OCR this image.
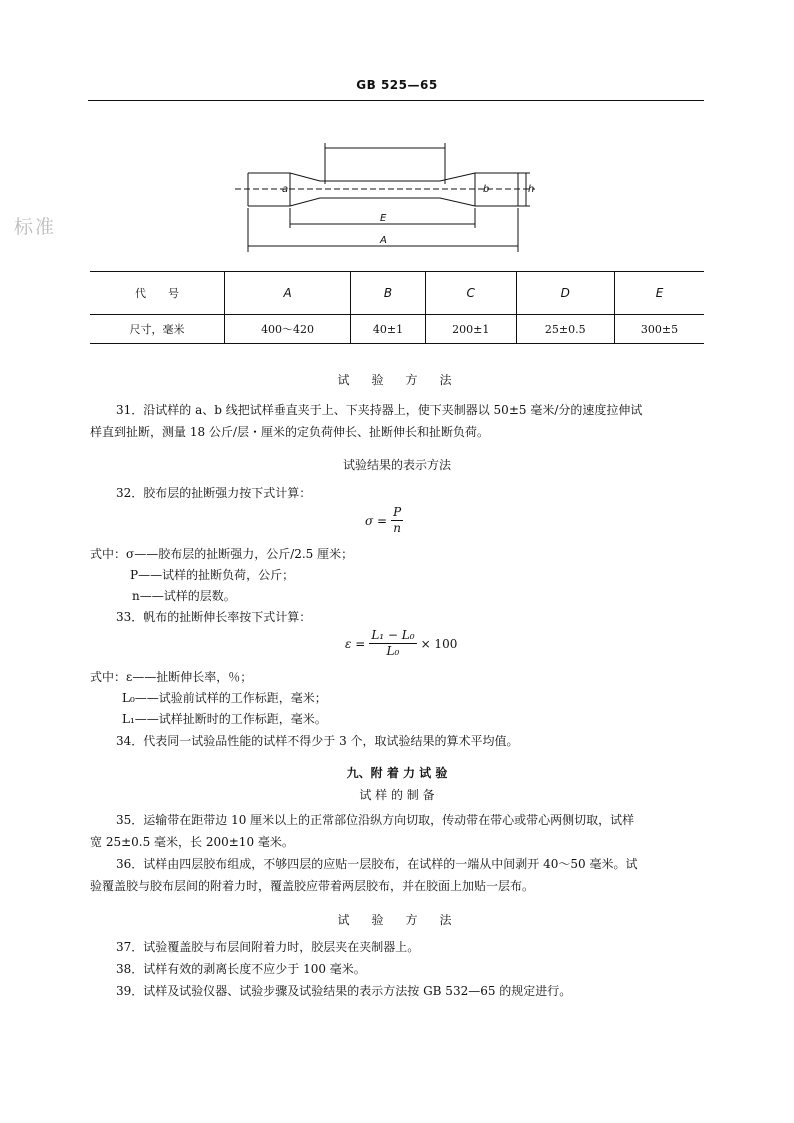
GB 525—65
标准
a	b	h
E
A
代　　号	A	B	C	D	E
尺寸，毫米	400～420	40±1	200±1	25±0.5	300±5
试　验　方　法
31．沿试样的 a、b 线把试样垂直夹于上、下夹持器上，使下夹制器以 50±5 毫米/分的速度拉伸试
样直到扯断，测量 18 公斤/层・厘米的定负荷伸长、扯断伸长和扯断负荷。
试验结果的表示方法
32．胶布层的扯断强力按下式计算：
$\sigma = \frac{P}{n}$
式中：σ——胶布层的扯断强力，公斤/2.5 厘米；
P——试样的扯断负荷，公斤；
n——试样的层数。
33．帆布的扯断伸长率按下式计算：
$\varepsilon = \frac{\text{L₁ − L₀}}{\text{L₀}} \times 100$
式中：ε——扯断伸长率，％；
L₀——试验前试样的工作标距，毫米；
L₁——试样扯断时的工作标距，毫米。
34．代表同一试验品性能的试样不得少于 3 个，取试验结果的算术平均值。
九、附 着 力 试 验
试 样 的 制 备
35．运输带在距带边 10 厘米以上的正常部位沿纵方向切取，传动带在带心或带心两侧切取，试样
宽 25±0.5 毫米，长 200±10 毫米。
36．试样由四层胶布组成，不够四层的应贴一层胶布，在试样的一端从中间剥开 40～50 毫米。试
验覆盖胶与胶布层间的附着力时，覆盖胶应带着两层胶布，并在胶面上加贴一层布。
试　验　方　法
37．试验覆盖胶与布层间附着力时，胶层夹在夹制器上。
38．试样有效的剥离长度不应少于 100 毫米。
39．试样及试验仪器、试验步骤及试验结果的表示方法按 GB 532—65 的规定进行。
